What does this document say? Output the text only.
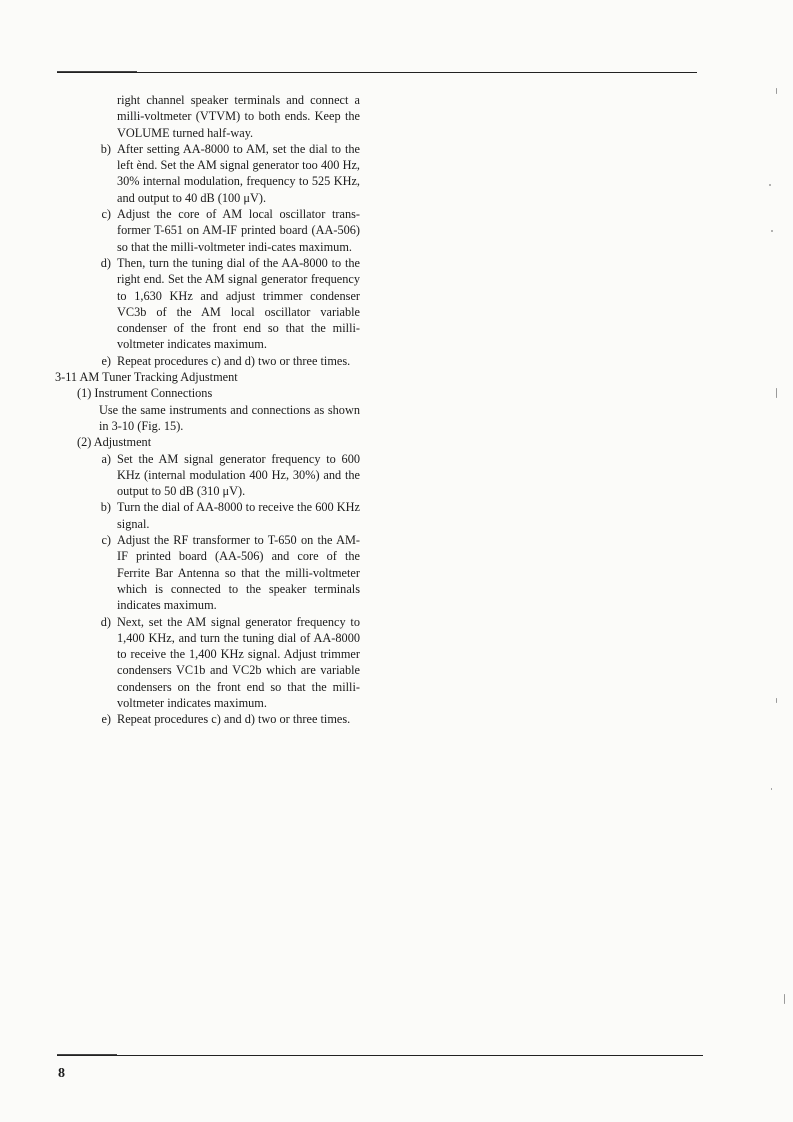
right channel speaker terminals and connect a milli-voltmeter (VTVM) to both ends. Keep the VOLUME turned half-way.
b) After setting AA-8000 to AM, set the dial to the left ènd. Set the AM signal generator too 400 Hz, 30% internal modulation, frequency to 525 KHz, and output to 40 dB (100 μV).
c) Adjust the core of AM local oscillator trans-former T-651 on AM-IF printed board (AA-506) so that the milli-voltmeter indi-cates maximum.
d) Then, turn the tuning dial of the AA-8000 to the right end. Set the AM signal generator frequency to 1,630 KHz and adjust trimmer condenser VC3b of the AM local oscillator variable condenser of the front end so that the milli-voltmeter indicates maximum.
e) Repeat procedures c) and d) two or three times.
3-11 AM Tuner Tracking Adjustment
(1) Instrument Connections
Use the same instruments and connections as shown in 3-10 (Fig. 15).
(2) Adjustment
a) Set the AM signal generator frequency to 600 KHz (internal modulation 400 Hz, 30%) and the output to 50 dB (310 μV).
b) Turn the dial of AA-8000 to receive the 600 KHz signal.
c) Adjust the RF transformer to T-650 on the AM-IF printed board (AA-506) and core of the Ferrite Bar Antenna so that the milli-voltmeter which is connected to the speaker terminals indicates maximum.
d) Next, set the AM signal generator frequency to 1,400 KHz, and turn the tuning dial of AA-8000 to receive the 1,400 KHz signal. Adjust trimmer condensers VC1b and VC2b which are variable condensers on the front end so that the milli-voltmeter indicates maximum.
e) Repeat procedures c) and d) two or three times.
8
